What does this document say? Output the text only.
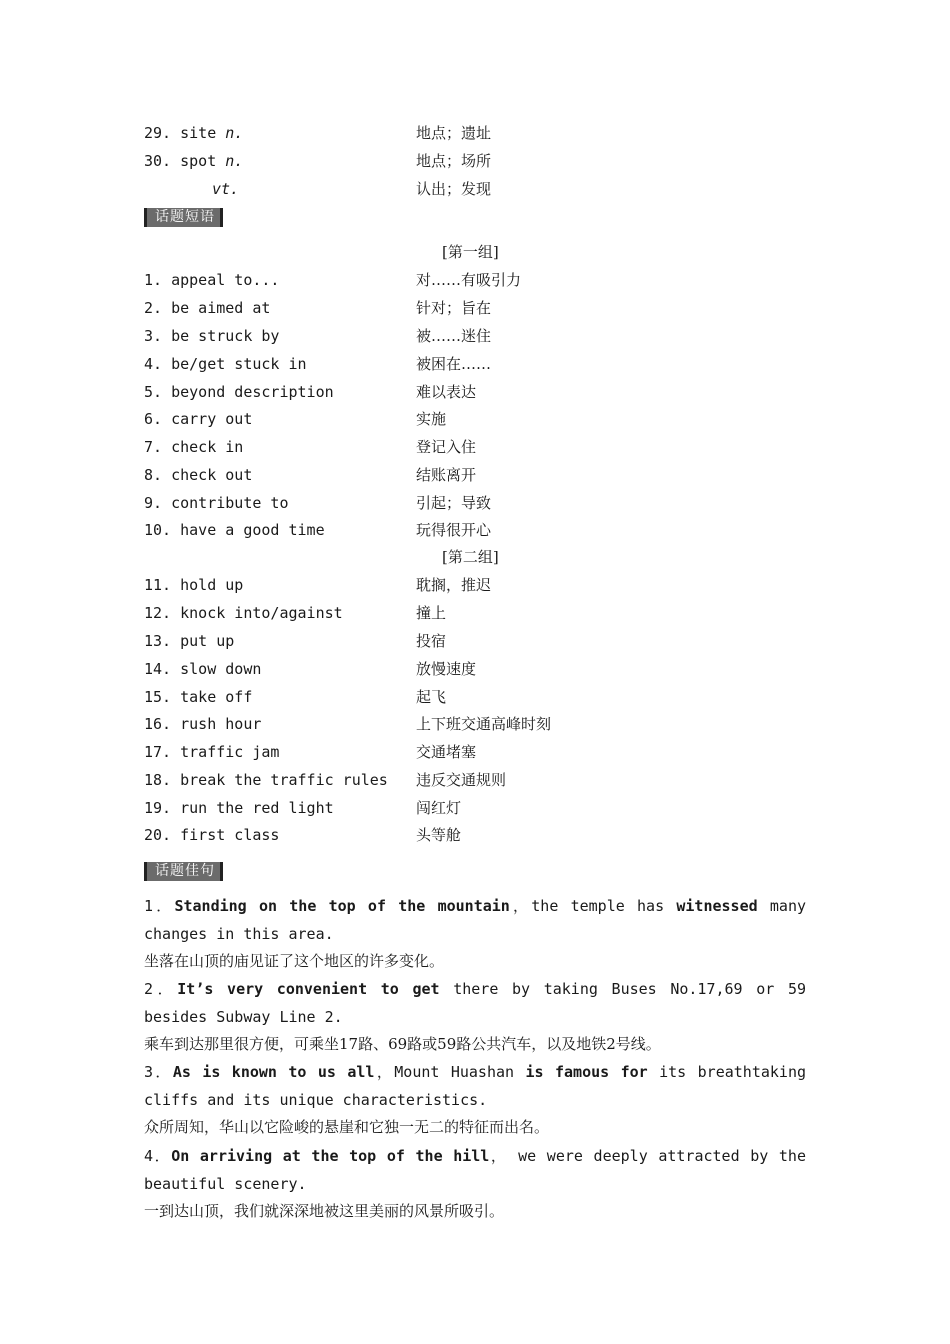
29. site n.	地点；遗址
30. spot n.	地点；场所
vt.	认出；发现
话题短语
[第一组]
1. appeal to...	对……有吸引力
2. be aimed at	针对；旨在
3. be struck by	被……迷住
4. be/get stuck in	被困在……
5. beyond description	难以表达
6. carry out	实施
7. check in	登记入住
8. check out	结账离开
9. contribute to	引起；导致
10. have a good time	玩得很开心
[第二组]
11. hold up	耽搁，推迟
12. knock into/against	撞上
13. put up	投宿
14. slow down	放慢速度
15. take off	起飞
16. rush hour	上下班交通高峰时刻
17. traffic jam	交通堵塞
18. break the traffic rules 违反交通规则
19. run the red light	闯红灯
20. first class	头等舱
话题佳句
1．Standing on the top of the mountain，the temple has witnessed many changes in this area.
坐落在山顶的庙见证了这个地区的许多变化。
2．It’s very convenient to get there by taking Buses No.17,69 or 59 besides Subway Line 2.
乘车到达那里很方便，可乘坐17路、69路或59路公共汽车，以及地铁2号线。
3．As is known to us all，Mount Huashan is famous for its breathtaking cliffs and its unique characteristics.
众所周知，华山以它险峻的悬崖和它独一无二的特征而出名。
4．On arriving at the top of the hill， we were deeply attracted by the beautiful scenery.
一到达山顶，我们就深深地被这里美丽的风景所吸引。
